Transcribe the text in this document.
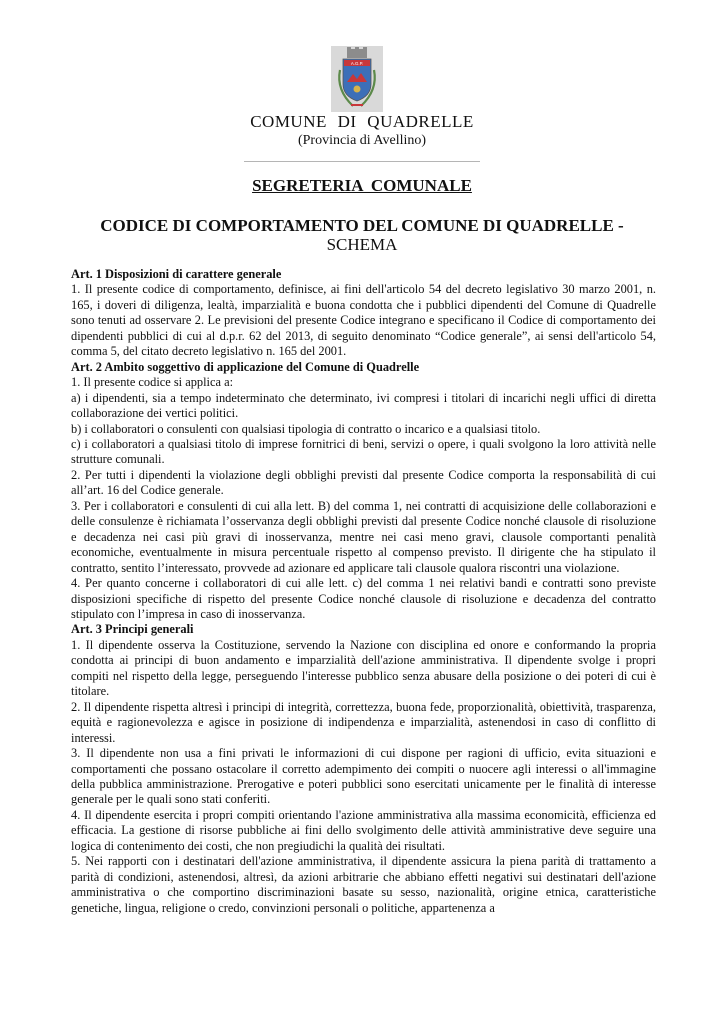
A.G.P.
COMUNE DI QUADRELLE
(Provincia di Avellino)
SEGRETERIA COMUNALE
CODICE DI COMPORTAMENTO DEL COMUNE DI QUADRELLE -
SCHEMA

Art. 1 Disposizioni di carattere generale

1. Il presente codice di comportamento, definisce, ai fini dell'articolo 54 del decreto legislativo 30 marzo 2001, n. 165, i doveri di diligenza, lealtà, imparzialità e buona condotta che i pubblici dipendenti del Comune di Quadrelle sono tenuti ad osservare 2. Le previsioni del presente Codice integrano e specificano il Codice di comportamento dei dipendenti pubblici di cui al d.p.r. 62 del 2013, di seguito denominato “Codice generale”, ai sensi dell'articolo 54, comma 5, del citato decreto legislativo n. 165 del 2001.

Art. 2 Ambito soggettivo di applicazione del Comune di Quadrelle

1. Il presente codice si applica a:

a) i dipendenti, sia a tempo indeterminato che determinato, ivi compresi i titolari di incarichi negli uffici di diretta collaborazione dei vertici politici.

b) i collaboratori o consulenti con qualsiasi tipologia di contratto o incarico e a qualsiasi titolo.

c) i collaboratori a qualsiasi titolo di imprese fornitrici di beni, servizi o opere, i quali svolgono la loro attività nelle strutture comunali.

2. Per tutti i dipendenti la violazione degli obblighi previsti dal presente Codice comporta la responsabilità di cui all’art. 16 del Codice generale.

3. Per i collaboratori e consulenti di cui alla lett. B) del comma 1, nei contratti di acquisizione delle collaborazioni e delle consulenze è richiamata l’osservanza degli obblighi previsti dal presente Codice nonché clausole di risoluzione e decadenza nei casi più gravi di inosservanza, mentre nei casi meno gravi, clausole comportanti penalità economiche, eventualmente in misura percentuale rispetto al compenso previsto. Il dirigente che ha stipulato il contratto, sentito l’interessato, provvede ad azionare ed applicare tali clausole qualora riscontri una violazione.

4. Per quanto concerne i collaboratori di cui alle lett. c) del comma 1 nei relativi bandi e contratti sono previste disposizioni specifiche di rispetto del presente Codice nonché clausole di risoluzione e decadenza del contratto stipulato con l’impresa in caso di inosservanza.

Art. 3 Principi generali

1. Il dipendente osserva la Costituzione, servendo la Nazione con disciplina ed onore e conformando la propria condotta ai principi di buon andamento e imparzialità dell'azione amministrativa. Il dipendente svolge i propri compiti nel rispetto della legge, perseguendo l'interesse pubblico senza abusare della posizione o dei poteri di cui è titolare.

2. Il dipendente rispetta altresì i principi di integrità, correttezza, buona fede, proporzionalità, obiettività, trasparenza, equità e ragionevolezza e agisce in posizione di indipendenza e imparzialità, astenendosi in caso di conflitto di interessi.

3. Il dipendente non usa a fini privati le informazioni di cui dispone per ragioni di ufficio, evita situazioni e comportamenti che possano ostacolare il corretto adempimento dei compiti o nuocere agli interessi o all'immagine della pubblica amministrazione. Prerogative e poteri pubblici sono esercitati unicamente per le finalità di interesse generale per le quali sono stati conferiti.

4. Il dipendente esercita i propri compiti orientando l'azione amministrativa alla massima economicità, efficienza ed efficacia. La gestione di risorse pubbliche ai fini dello svolgimento delle attività amministrative deve seguire una logica di contenimento dei costi, che non pregiudichi la qualità dei risultati.

5. Nei rapporti con i destinatari dell'azione amministrativa, il dipendente assicura la piena parità di trattamento a parità di condizioni, astenendosi, altresì, da azioni arbitrarie che abbiano effetti negativi sui destinatari dell'azione amministrativa o che comportino discriminazioni basate su sesso, nazionalità, origine etnica, caratteristiche genetiche, lingua, religione o credo, convinzioni personali o politiche, appartenenza a
